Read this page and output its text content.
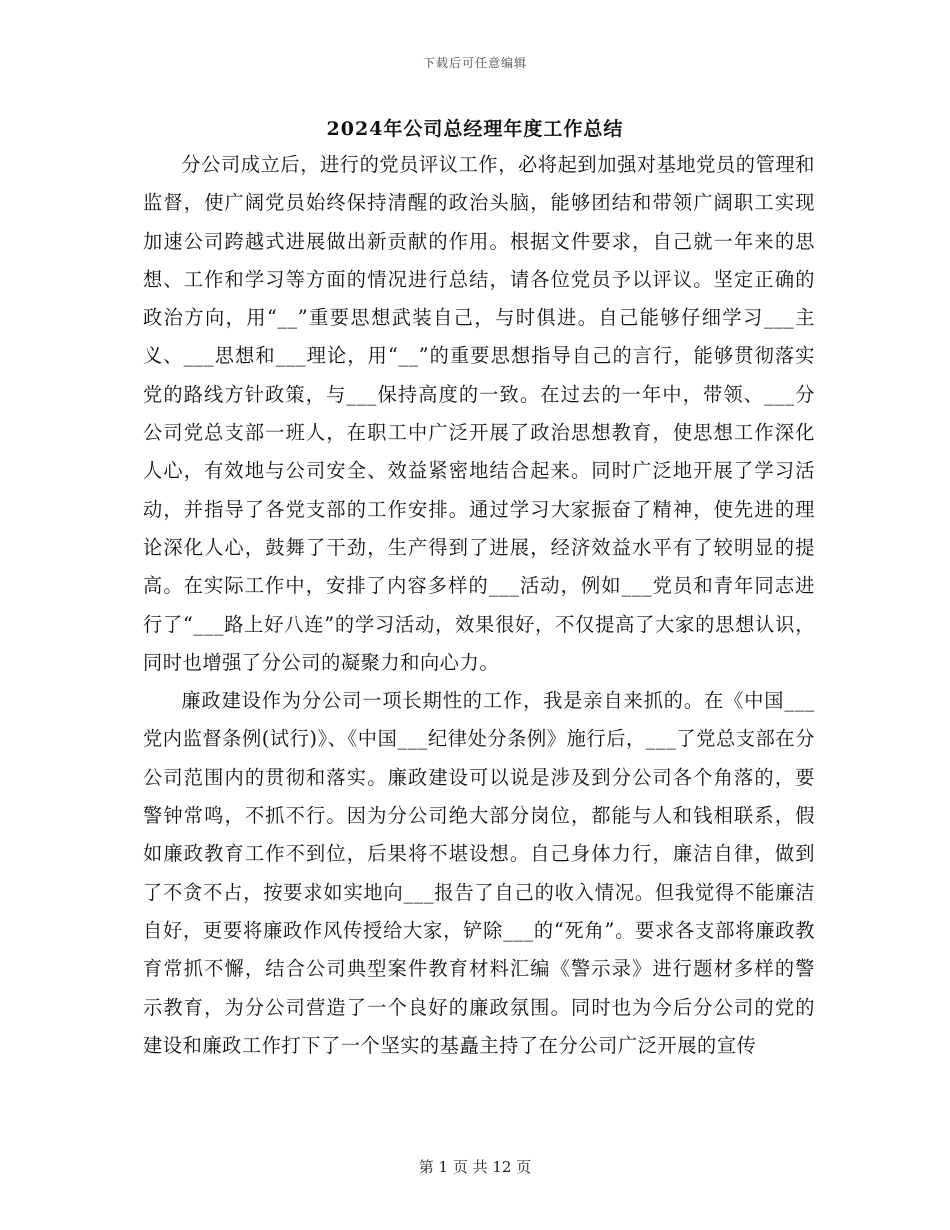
下载后可任意编辑
2024年公司总经理年度工作总结

分公司成立后，进行的党员评议工作，必将起到加强对基地党员的管理和监督，使广阔党员始终保持清醒的政治头脑，能够团结和带领广阔职工实现加速公司跨越式进展做出新贡献的作用。根据文件要求，自己就一年来的思想、工作和学习等方面的情况进行总结，请各位党员予以评议。坚定正确的政治方向，用“__”重要思想武装自己，与时俱进。自己能够仔细学习___主义、___思想和___理论，用“__”的重要思想指导自己的言行，能够贯彻落实党的路线方针政策，与___保持高度的一致。在过去的一年中，带领、___分公司党总支部一班人，在职工中广泛开展了政治思想教育，使思想工作深化人心，有效地与公司安全、效益紧密地结合起来。同时广泛地开展了学习活动，并指导了各党支部的工作安排。通过学习大家振奋了精神，使先进的理论深化人心，鼓舞了干劲，生产得到了进展，经济效益水平有了较明显的提高。在实际工作中，安排了内容多样的___活动，例如___党员和青年同志进行了“___路上好八连”的学习活动，效果很好，不仅提高了大家的思想认识，同时也增强了分公司的凝聚力和向心力。

廉政建设作为分公司一项长期性的工作，我是亲自来抓的。在《中国___党内监督条例(试行)》、《中国___纪律处分条例》施行后，___了党总支部在分公司范围内的贯彻和落实。廉政建设可以说是涉及到分公司各个角落的，要警钟常鸣，不抓不行。因为分公司绝大部分岗位，都能与人和钱相联系，假如廉政教育工作不到位，后果将不堪设想。自己身体力行，廉洁自律，做到了不贪不占，按要求如实地向___报告了自己的收入情况。但我觉得不能廉洁自好，更要将廉政作风传授给大家，铲除___的“死角”。要求各支部将廉政教育常抓不懈，结合公司典型案件教育材料汇编《警示录》进行题材多样的警示教育，为分公司营造了一个良好的廉政氛围。同时也为今后分公司的党的建设和廉政工作打下了一个坚实的基矗主持了在分公司广泛开展的宣传

第 1 页 共 12 页
